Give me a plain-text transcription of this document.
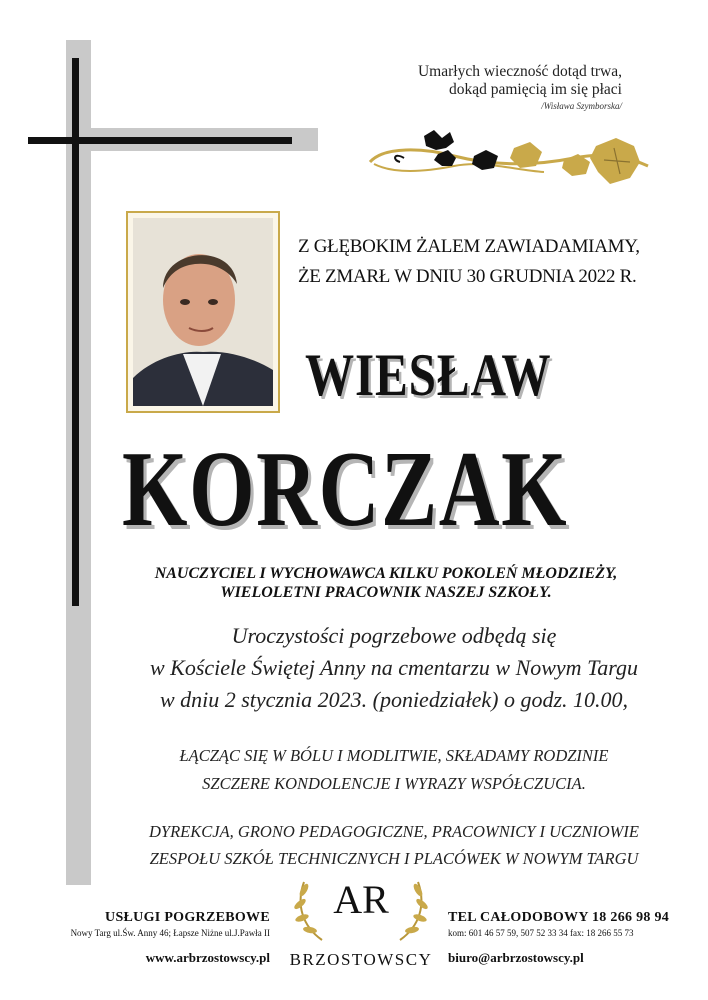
Umarłych wieczność dotąd trwa,
dokąd pamięcią im się płaci
/Wisława Szymborska/
Z GŁĘBOKIM ŻALEM ZAWIADAMIAMY,
ŻE ZMARŁ W DNIU 30 GRUDNIA 2022 R.
WIESŁAW
KORCZAK
NAUCZYCIEL I WYCHOWAWCA KILKU POKOLEŃ MŁODZIEŻY,
WIELOLETNI PRACOWNIK NASZEJ SZKOŁY.
Uroczystości pogrzebowe odbędą się
w Kościele Świętej Anny na cmentarzu w Nowym Targu
w dniu 2 stycznia 2023. (poniedziałek) o godz. 10.00,
ŁĄCZĄC SIĘ W BÓLU I MODLITWIE, SKŁADAMY RODZINIE
SZCZERE KONDOLENCJE I WYRAZY WSPÓŁCZUCIA.
DYREKCJA, GRONO PEDAGOGICZNE, PRACOWNICY I UCZNIOWIE
ZESPOŁU SZKÓŁ TECHNICZNYCH I PLACÓWEK W NOWYM TARGU
USŁUGI POGRZEBOWE
Nowy Targ ul.Św. Anny 46; Łapsze Niżne ul.J.Pawła II
www.arbrzostowscy.pl
AR
BRZOSTOWSCY
TEL CAŁODOBOWY 18 266 98 94
kom: 601 46 57 59, 507 52 33 34 fax: 18 266 55 73
biuro@arbrzostowscy.pl
